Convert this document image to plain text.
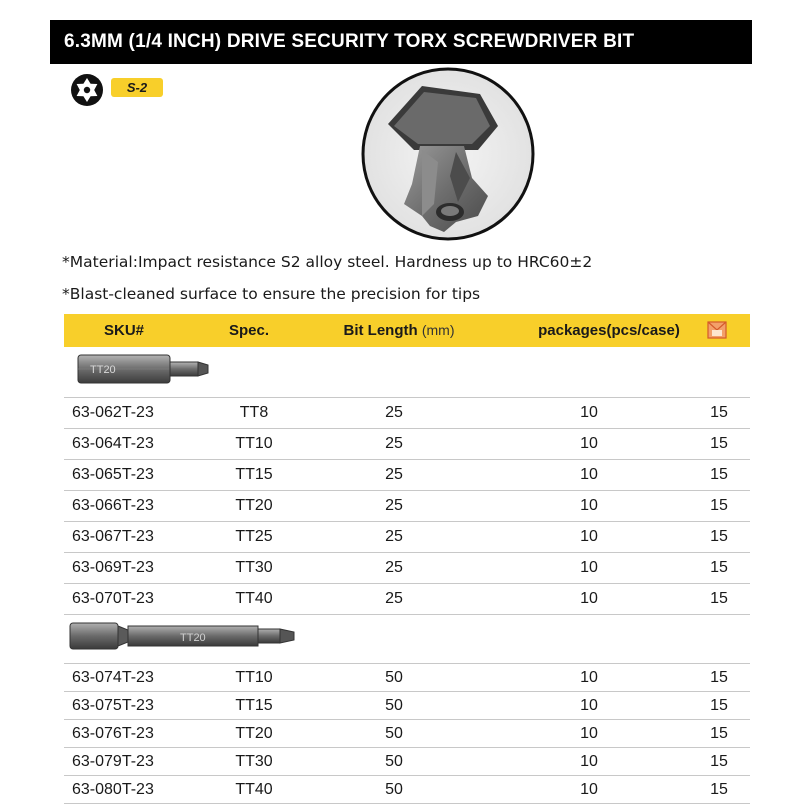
6.3MM (1/4 INCH) DRIVE SECURITY TORX SCREWDRIVER BIT
S-2
*Material:Impact resistance S2 alloy steel. Hardness up to HRC60±2
*Blast-cleaned surface to ensure the precision for tips
SKU#	Spec.	Bit Length (mm)	packages(pcs/case)
TT20
63-062T-23	TT8	25	10	15
63-064T-23	TT10	25	10	15
63-065T-23	TT15	25	10	15
63-066T-23	TT20	25	10	15
63-067T-23	TT25	25	10	15
63-069T-23	TT30	25	10	15
63-070T-23	TT40	25	10	15
TT20
63-074T-23	TT10	50	10	15
63-075T-23	TT15	50	10	15
63-076T-23	TT20	50	10	15
63-079T-23	TT30	50	10	15
63-080T-23	TT40	50	10	15
